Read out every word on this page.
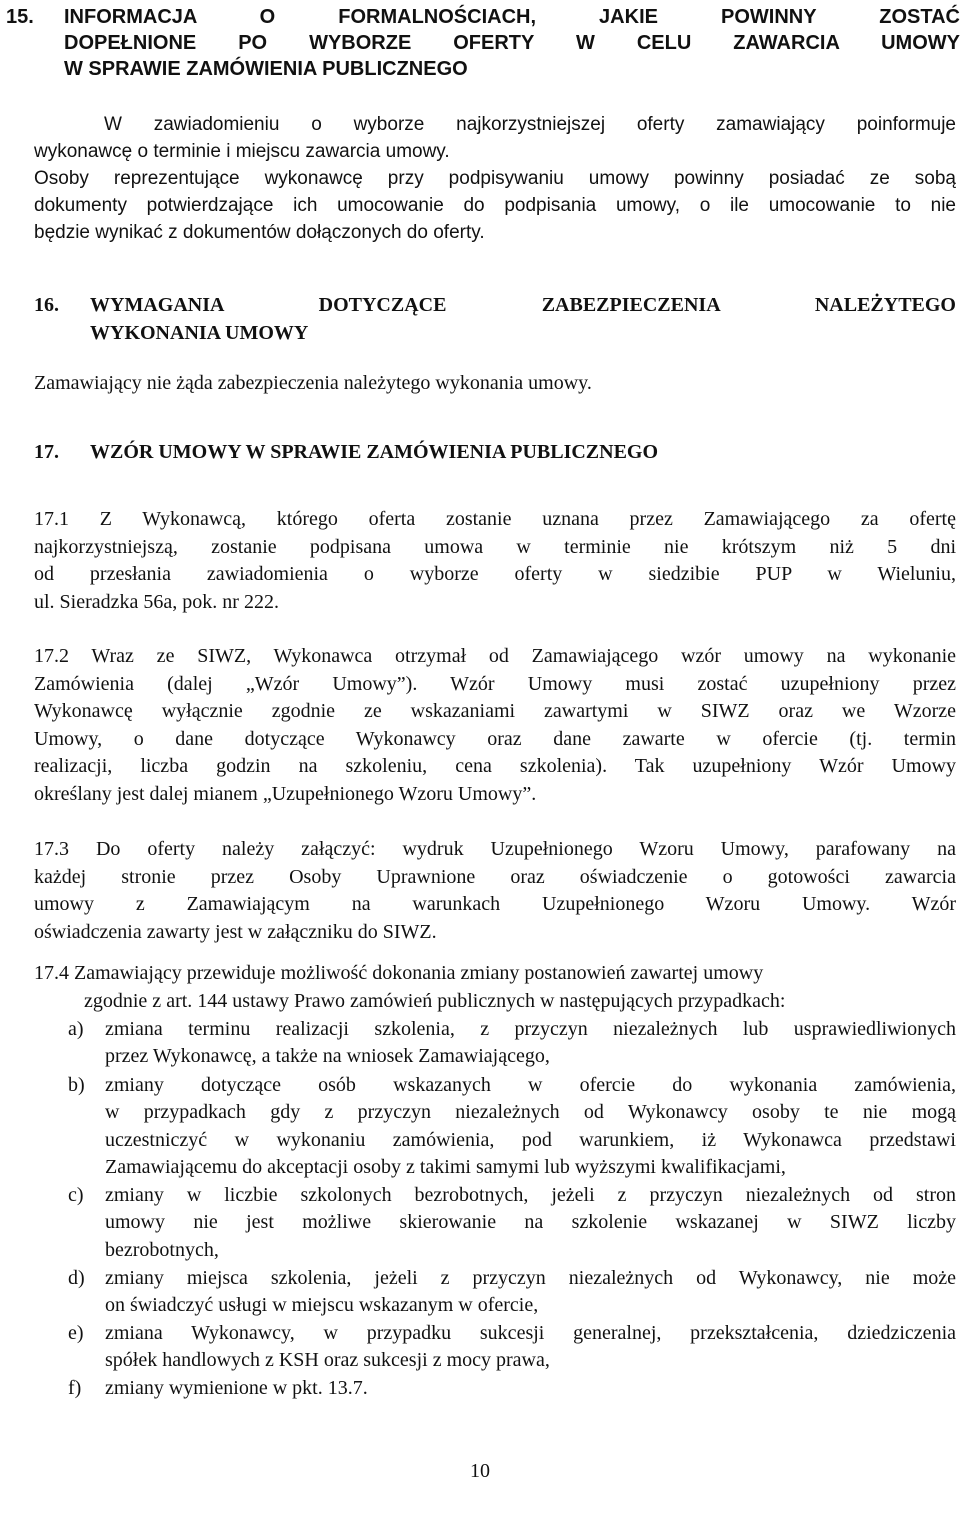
15. INFORMACJA O FORMALNOŚCIACH, JAKIE POWINNY ZOSTAĆ
DOPEŁNIONE PO WYBORZE OFERTY W CELU ZAWARCIA UMOWY
W SPRAWIE ZAMÓWIENIA PUBLICZNEGO
W zawiadomieniu o wyborze najkorzystniejszej oferty zamawiający poinformuje
wykonawcę o terminie i miejscu zawarcia umowy.
Osoby reprezentujące wykonawcę przy podpisywaniu umowy powinny posiadać ze sobą
dokumenty potwierdzające ich umocowanie do podpisania umowy, o ile umocowanie to nie
będzie wynikać z dokumentów dołączonych do oferty.
16. WYMAGANIA DOTYCZĄCE ZABEZPIECZENIA NALEŻYTEGO
WYKONANIA UMOWY
Zamawiający nie żąda zabezpieczenia należytego wykonania umowy.
17. WZÓR UMOWY W SPRAWIE ZAMÓWIENIA PUBLICZNEGO
17.1 Z Wykonawcą, którego oferta zostanie uznana przez Zamawiającego za ofertę
najkorzystniejszą, zostanie podpisana umowa w terminie nie krótszym niż 5 dni
od przesłania zawiadomienia o wyborze oferty w siedzibie PUP w Wieluniu,
ul. Sieradzka 56a, pok. nr 222.
17.2 Wraz ze SIWZ, Wykonawca otrzymał od Zamawiającego wzór umowy na wykonanie
Zamówienia (dalej „Wzór Umowy”). Wzór Umowy musi zostać uzupełniony przez
Wykonawcę wyłącznie zgodnie ze wskazaniami zawartymi w SIWZ oraz we Wzorze
Umowy, o dane dotyczące Wykonawcy oraz dane zawarte w ofercie (tj. termin
realizacji, liczba godzin na szkoleniu, cena szkolenia). Tak uzupełniony Wzór Umowy
określany jest dalej mianem „Uzupełnionego Wzoru Umowy”.
17.3 Do oferty należy załączyć: wydruk Uzupełnionego Wzoru Umowy, parafowany na
każdej stronie przez Osoby Uprawnione oraz oświadczenie o gotowości zawarcia
umowy z Zamawiającym na warunkach Uzupełnionego Wzoru Umowy. Wzór
oświadczenia zawarty jest w załączniku do SIWZ.
17.4 Zamawiający przewiduje możliwość dokonania zmiany postanowień zawartej umowy
zgodnie z art. 144 ustawy Prawo zamówień publicznych w następujących przypadkach:
a) zmiana terminu realizacji szkolenia, z przyczyn niezależnych lub usprawiedliwionych
przez Wykonawcę, a także na wniosek Zamawiającego,
b) zmiany dotyczące osób wskazanych w ofercie do wykonania zamówienia,
w przypadkach gdy z przyczyn niezależnych od Wykonawcy osoby te nie mogą
uczestniczyć w wykonaniu zamówienia, pod warunkiem, iż Wykonawca przedstawi
Zamawiającemu do akceptacji osoby z takimi samymi lub wyższymi kwalifikacjami,
c) zmiany w liczbie szkolonych bezrobotnych, jeżeli z przyczyn niezależnych od stron
umowy nie jest możliwe skierowanie na szkolenie wskazanej w SIWZ liczby
bezrobotnych,
d) zmiany miejsca szkolenia, jeżeli z przyczyn niezależnych od Wykonawcy, nie może
on świadczyć usługi w miejscu wskazanym w ofercie,
e) zmiana Wykonawcy, w przypadku sukcesji generalnej, przekształcenia, dziedziczenia
spółek handlowych z KSH oraz sukcesji z mocy prawa,
f) zmiany wymienione w pkt. 13.7.
10
